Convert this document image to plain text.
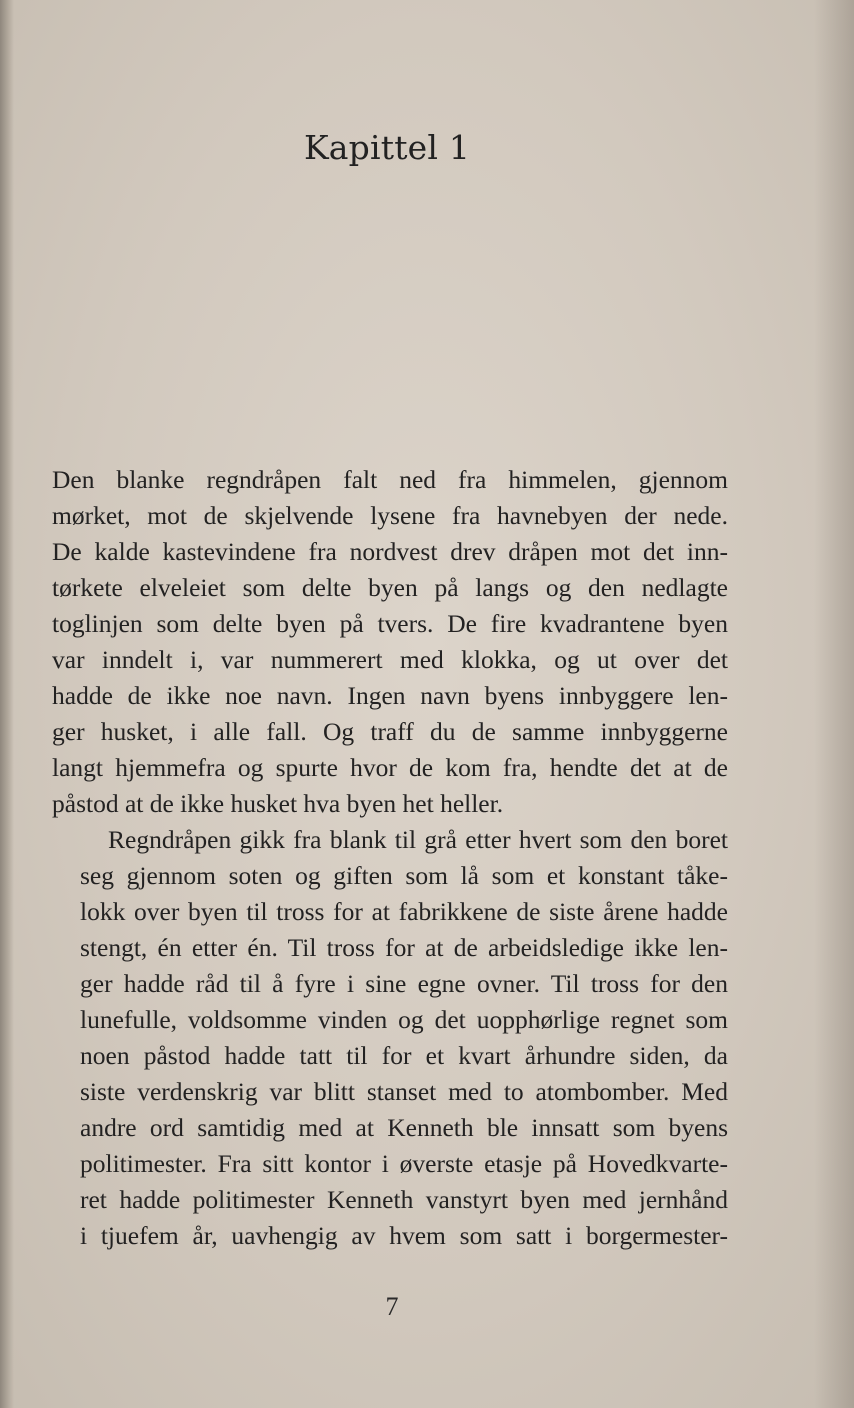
Kapittel 1

Den blanke regndråpen falt ned fra himmelen, gjennom
mørket, mot de skjelvende lysene fra havnebyen der nede.
De kalde kastevindene fra nordvest drev dråpen mot det inn-
tørkete elveleiet som delte byen på langs og den nedlagte
toglinjen som delte byen på tvers. De fire kvadrantene byen
var inndelt i, var nummerert med klokka, og ut over det
hadde de ikke noe navn. Ingen navn byens innbyggere len-
ger husket, i alle fall. Og traff du de samme innbyggerne
langt hjemmefra og spurte hvor de kom fra, hendte det at de
påstod at de ikke husket hva byen het heller.

Regndråpen gikk fra blank til grå etter hvert som den boret
seg gjennom soten og giften som lå som et konstant tåke-
lokk over byen til tross for at fabrikkene de siste årene hadde
stengt, én etter én. Til tross for at de arbeidsledige ikke len-
ger hadde råd til å fyre i sine egne ovner. Til tross for den
lunefulle, voldsomme vinden og det uopphørlige regnet som
noen påstod hadde tatt til for et kvart århundre siden, da
siste verdenskrig var blitt stanset med to atombomber. Med
andre ord samtidig med at Kenneth ble innsatt som byens
politimester. Fra sitt kontor i øverste etasje på Hovedkvarte-
ret hadde politimester Kenneth vanstyrt byen med jernhånd
i tjuefem år, uavhengig av hvem som satt i borgermester-

7
